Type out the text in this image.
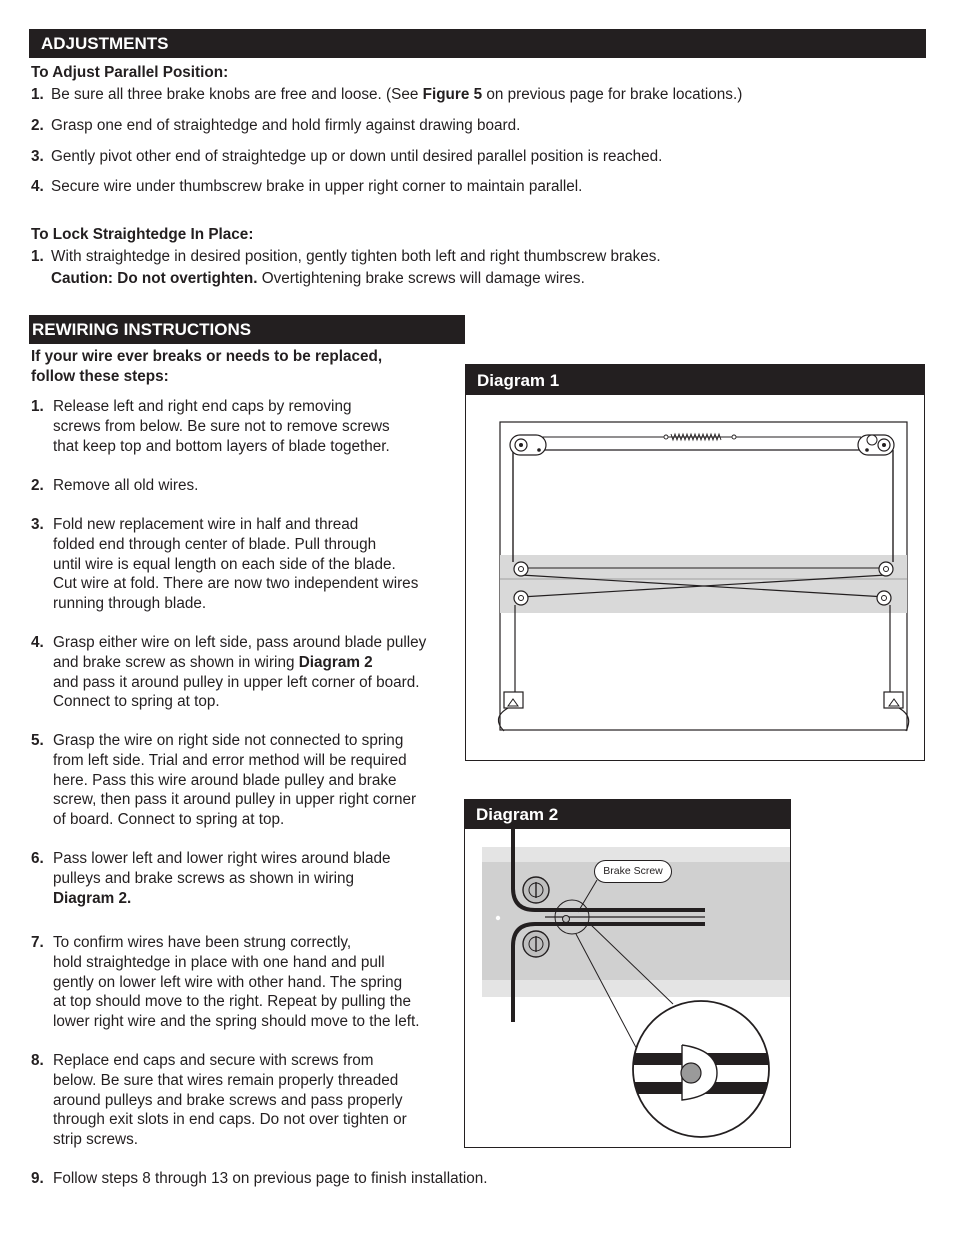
ADJUSTMENTS
To Adjust Parallel Position:
1. Be sure all three brake knobs are free and loose. (See Figure 5 on previous page for brake locations.)
2. Grasp one end of straightedge and hold firmly against drawing board.
3. Gently pivot other end of straightedge up or down until desired parallel position is reached.
4. Secure wire under thumbscrew brake in upper right corner to maintain parallel.
To Lock Straightedge In Place:
1. With straightedge in desired position, gently tighten both left and right thumbscrew brakes.
Caution: Do not overtighten. Overtightening brake screws will damage wires.
REWIRING INSTRUCTIONS
If your wire ever breaks or needs to be replaced,
follow these steps:
1. Release left and right end caps by removing
screws from below. Be sure not to remove screws
that keep top and bottom layers of blade together.
2. Remove all old wires.
3. Fold new replacement wire in half and thread
folded end through center of blade. Pull through
until wire is equal length on each side of the blade.
Cut wire at fold. There are now two independent wires
running through blade.
4. Grasp either wire on left side, pass around blade pulley
and brake screw as shown in wiring Diagram 2
and pass it around pulley in upper left corner of board.
Connect to spring at top.
5. Grasp the wire on right side not connected to spring
from left side. Trial and error method will be required
here. Pass this wire around blade pulley and brake
screw, then pass it around pulley in upper right corner
of board. Connect to spring at top.
6. Pass lower left and lower right wires around blade
pulleys and brake screws as shown in wiring
Diagram 2.
7. To confirm wires have been strung correctly,
hold straightedge in place with one hand and pull
gently on lower left wire with other hand. The spring
at top should move to the right. Repeat by pulling the
lower right wire and the spring should move to the left.
8. Replace end caps and secure with screws from
below. Be sure that wires remain properly threaded
around pulleys and brake screws and pass properly
through exit slots in end caps. Do not over tighten or
strip screws.
9. Follow steps 8 through 13 on previous page to finish installation.
Diagram 1
Diagram 2
Brake Screw
